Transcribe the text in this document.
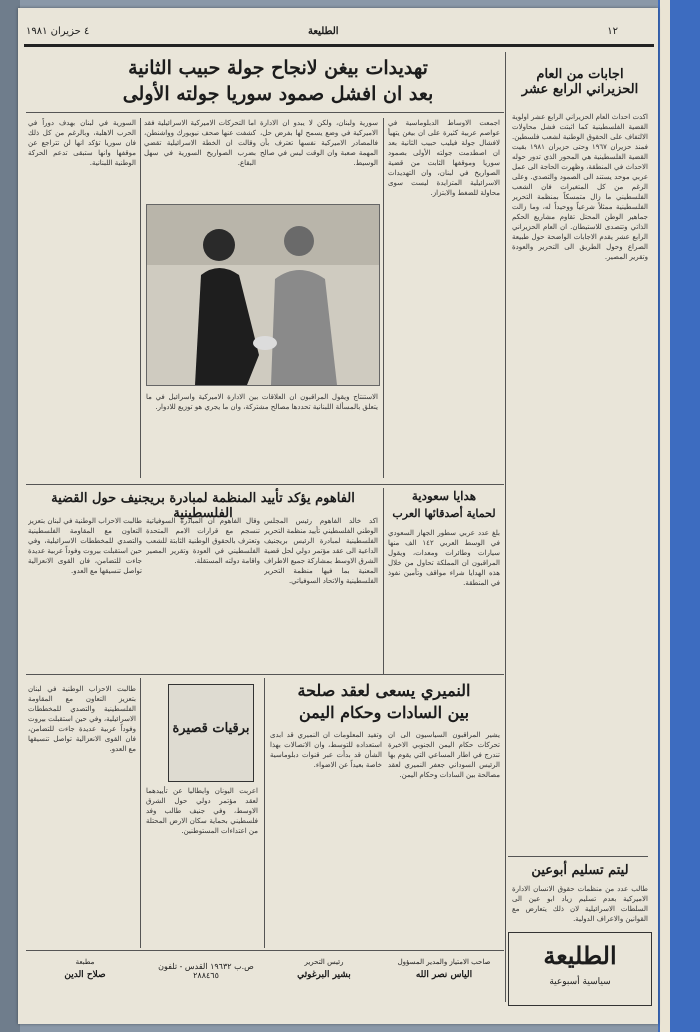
١٢
الطليعة
٤ حزيران ١٩٨١
اجابات من العام الحزيراني الرابع عشر
اكدت احداث العام الحزيراني الرابع عشر اولوية القضية الفلسطينية كما اثبتت فشل محاولات الالتفاف على الحقوق الوطنية لشعب فلسطين. فمنذ حزيران ١٩٦٧ وحتى حزيران ١٩٨١ بقيت القضية الفلسطينية هي المحور الذي تدور حوله الاحداث في المنطقة، وظهرت الحاجة الى عمل عربي موحد يستند الى الصمود والتصدي. وعلى الرغم من كل المتغيرات فان الشعب الفلسطيني ما زال متمسكاً بمنظمة التحرير الفلسطينية ممثلاً شرعياً ووحيداً له، وما زالت جماهير الوطن المحتل تقاوم مشاريع الحكم الذاتي وتتصدى للاستيطان. ان العام الحزيراني الرابع عشر يقدم الاجابات الواضحة حول طبيعة الصراع وحول الطريق الى التحرير والعودة وتقرير المصير.
ليتم تسليم أبوعين
طالب عدد من منظمات حقوق الانسان الادارة الاميركية بعدم تسليم زياد ابو عين الى السلطات الاسرائيلية لان ذلك يتعارض مع القوانين والاعراف الدولية.
الطليعة
سياسية أسبوعية
تهديدات بيغن لانجاح جولة حبيب الثانية
بعد ان افشل صمود سوريا جولته الأولى
اجمعت الاوساط الدبلوماسية في عواصم عربية كثيرة على ان بيغن يتهيأ لافشال جولة فيليب حبيب الثانية بعد ان اصطدمت جولته الأولى بصمود سوريا وموقفها الثابت من قضية الصواريخ في لبنان، وان التهديدات الاسرائيلية المتزايدة ليست سوى محاولة للضغط والابتزاز.
سورية ولبنان، ولكن لا يبدو ان الادارة الاميركية في وضع يسمح لها بفرض حل، فالمصادر الاميركية نفسها تعترف بأن المهمة صعبة وان الوقت ليس في صالح الوسيط.
اما التحركات الاميركية الاسرائيلية فقد كشفت عنها صحف نيويورك وواشنطن، وقالت ان الخطة الاسرائيلية تقضي بضرب الصواريخ السورية في سهل البقاع.
السورية في لبنان بهدف دوراً في الحرب الاهلية، وبالرغم من كل ذلك فان سوريا تؤكد انها لن تتراجع عن موقفها وانها ستبقى تدعم الحركة الوطنية اللبنانية.
الاستنتاج ويقول المراقبون ان العلاقات بين الادارة الاميركية واسرائيل في ما يتعلق بالمسألة اللبنانية تحددها مصالح مشتركة، وان ما يجري هو توزيع للادوار.
هدايا سعودية
لحماية أصدقائها العرب
بلغ عدد عربي سطور الجهاز السعودي في الوسط العربي ١٤٢ الف منها سيارات وطائرات ومعدات، ويقول المراقبون ان المملكة تحاول من خلال هذه الهدايا شراء مواقف وتأمين نفوذ في المنطقة.
الفاهوم يؤكد تأييد المنظمة لمبادرة بريجنيف حول القضية الفلسطينية
اكد خالد الفاهوم رئيس المجلس الوطني الفلسطيني تأييد منظمة التحرير الفلسطينية لمبادرة الرئيس بريجنيف الداعية الى عقد مؤتمر دولي لحل قضية الشرق الاوسط بمشاركة جميع الاطراف المعنية بما فيها منظمة التحرير الفلسطينية والاتحاد السوفياتي.
وقال الفاهوم ان المبادرة السوفياتية تنسجم مع قرارات الامم المتحدة وتعترف بالحقوق الوطنية الثابتة للشعب الفلسطيني في العودة وتقرير المصير واقامة دولته المستقلة.
طالبت الاحزاب الوطنية في لبنان بتعزيز التعاون مع المقاومة الفلسطينية والتصدي للمخططات الاسرائيلية، وفي حين استقبلت بيروت وفوداً عربية عديدة جاءت للتضامن، فان القوى الانعزالية تواصل تنسيقها مع العدو.
النميري يسعى لعقد صلحة
بين السادات وحكام اليمن
يشير المراقبون السياسيون الى ان تحركات حكام اليمن الجنوبي الاخيرة تندرج في اطار المساعي التي يقوم بها الرئيس السوداني جعفر النميري لعقد مصالحة بين السادات وحكام اليمن.
وتفيد المعلومات ان النميري قد ابدى استعداده للتوسط، وان الاتصالات بهذا الشأن قد بدأت عبر قنوات دبلوماسية خاصة بعيداً عن الاضواء.
برقيات قصيرة
اعربت اليونان وايطاليا عن تأييدهما لعقد مؤتمر دولي حول الشرق الاوسط، وفي جنيف طالب وفد فلسطيني بحماية سكان الارض المحتلة من اعتداءات المستوطنين.
طالبت الاحزاب الوطنية في لبنان بتعزيز التعاون مع المقاومة الفلسطينية والتصدي للمخططات الاسرائيلية، وفي حين استقبلت بيروت وفوداً عربية عديدة جاءت للتضامن، فان القوى الانعزالية تواصل تنسيقها مع العدو.
صاحب الامتياز والمدير المسؤول
الياس نصر الله
رئيس التحرير
بشير البرغوثي
ص.ب ١٩٦٣٢ القدس - تلفون ٢٨٨٤٦٥
مطبعة
صلاح الدين
